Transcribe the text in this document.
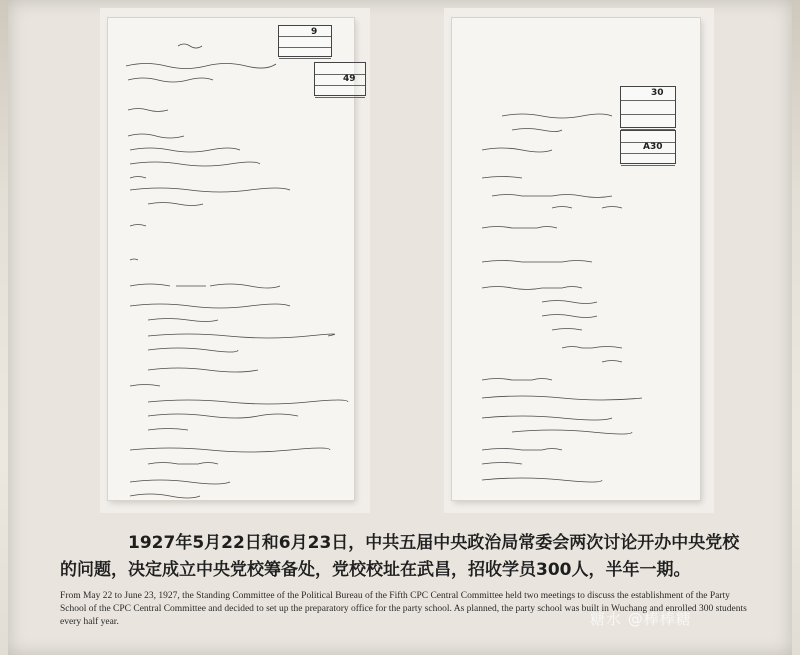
9
49
30
A30
1927年5月22日和6月23日，中共五届中央政治局常委会两次讨论开办中央党校的问题，决定成立中央党校筹备处，党校校址在武昌，招收学员300人，半年一期。
From May 22 to June 23, 1927, the Standing Committee of the Political Bureau of the Fifth CPC Central Committee held two meetings to discuss the establishment of the Party School of the CPC Central Committee and decided to set up the preparatory office for the party school. As planned, the party school was built in Wuchang and enrolled 300 students every half year.	糖水 @棒棒糖
